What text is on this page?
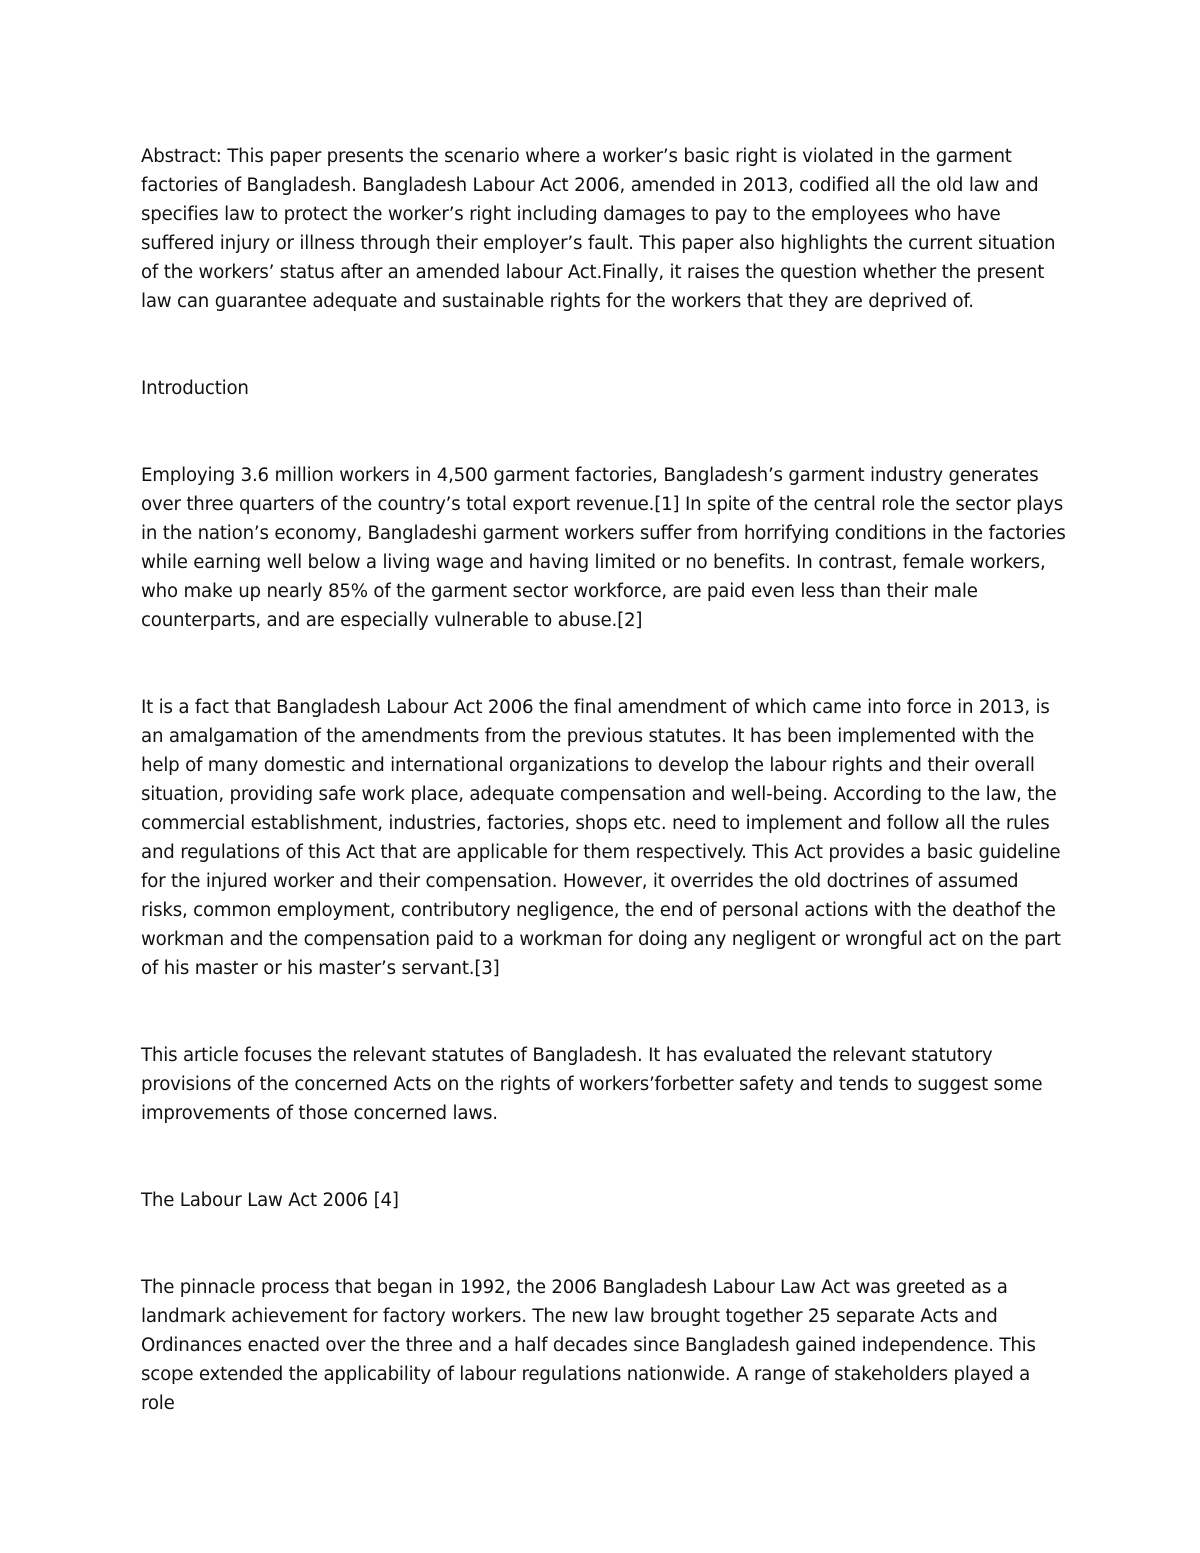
Abstract: This paper presents the scenario where a worker’s basic right is violated in the garment factories of Bangladesh. Bangladesh Labour Act 2006, amended in 2013, codified all the old law and specifies law to protect the worker’s right including damages to pay to the employees who have suffered injury or illness through their employer’s fault. This paper also highlights the current situation of the workers’ status after an amended labour Act.Finally, it raises the question whether the present law can guarantee adequate and sustainable rights for the workers that they are deprived of.

Introduction

Employing 3.6 million workers in 4,500 garment factories, Bangladesh’s garment industry generates over three quarters of the country’s total export revenue.[1] In spite of the central role the sector plays in the nation’s economy, Bangladeshi garment workers suffer from horrifying conditions in the factories while earning well below a living wage and having limited or no benefits. In contrast, female workers, who make up nearly 85% of the garment sector workforce, are paid even less than their male counterparts, and are especially vulnerable to abuse.[2]

It is a fact that Bangladesh Labour Act 2006 the final amendment of which came into force in 2013, is an amalgamation of the amendments from the previous statutes. It has been implemented with the help of many domestic and international organizations to develop the labour rights and their overall situation, providing safe work place, adequate compensation and well-being. According to the law, the commercial establishment, industries, factories, shops etc. need to implement and follow all the rules and regulations of this Act that are applicable for them respectively. This Act provides a basic guideline for the injured worker and their compensation. However, it overrides the old doctrines of assumed risks, common employment, contributory negligence, the end of personal actions with the deathof the workman and the compensation paid to a workman for doing any negligent or wrongful act on the part of his master or his master’s servant.[3]

This article focuses the relevant statutes of Bangladesh. It has evaluated the relevant statutory provisions of the concerned Acts on the rights of workers’forbetter safety and tends to suggest some improvements of those concerned laws.

The Labour Law Act 2006 [4]

The pinnacle process that began in 1992, the 2006 Bangladesh Labour Law Act was greeted as a landmark achievement for factory workers. The new law brought together 25 separate Acts and Ordinances enacted over the three and a half decades since Bangladesh gained independence. This scope extended the applicability of labour regulations nationwide. A range of stakeholders played a role
